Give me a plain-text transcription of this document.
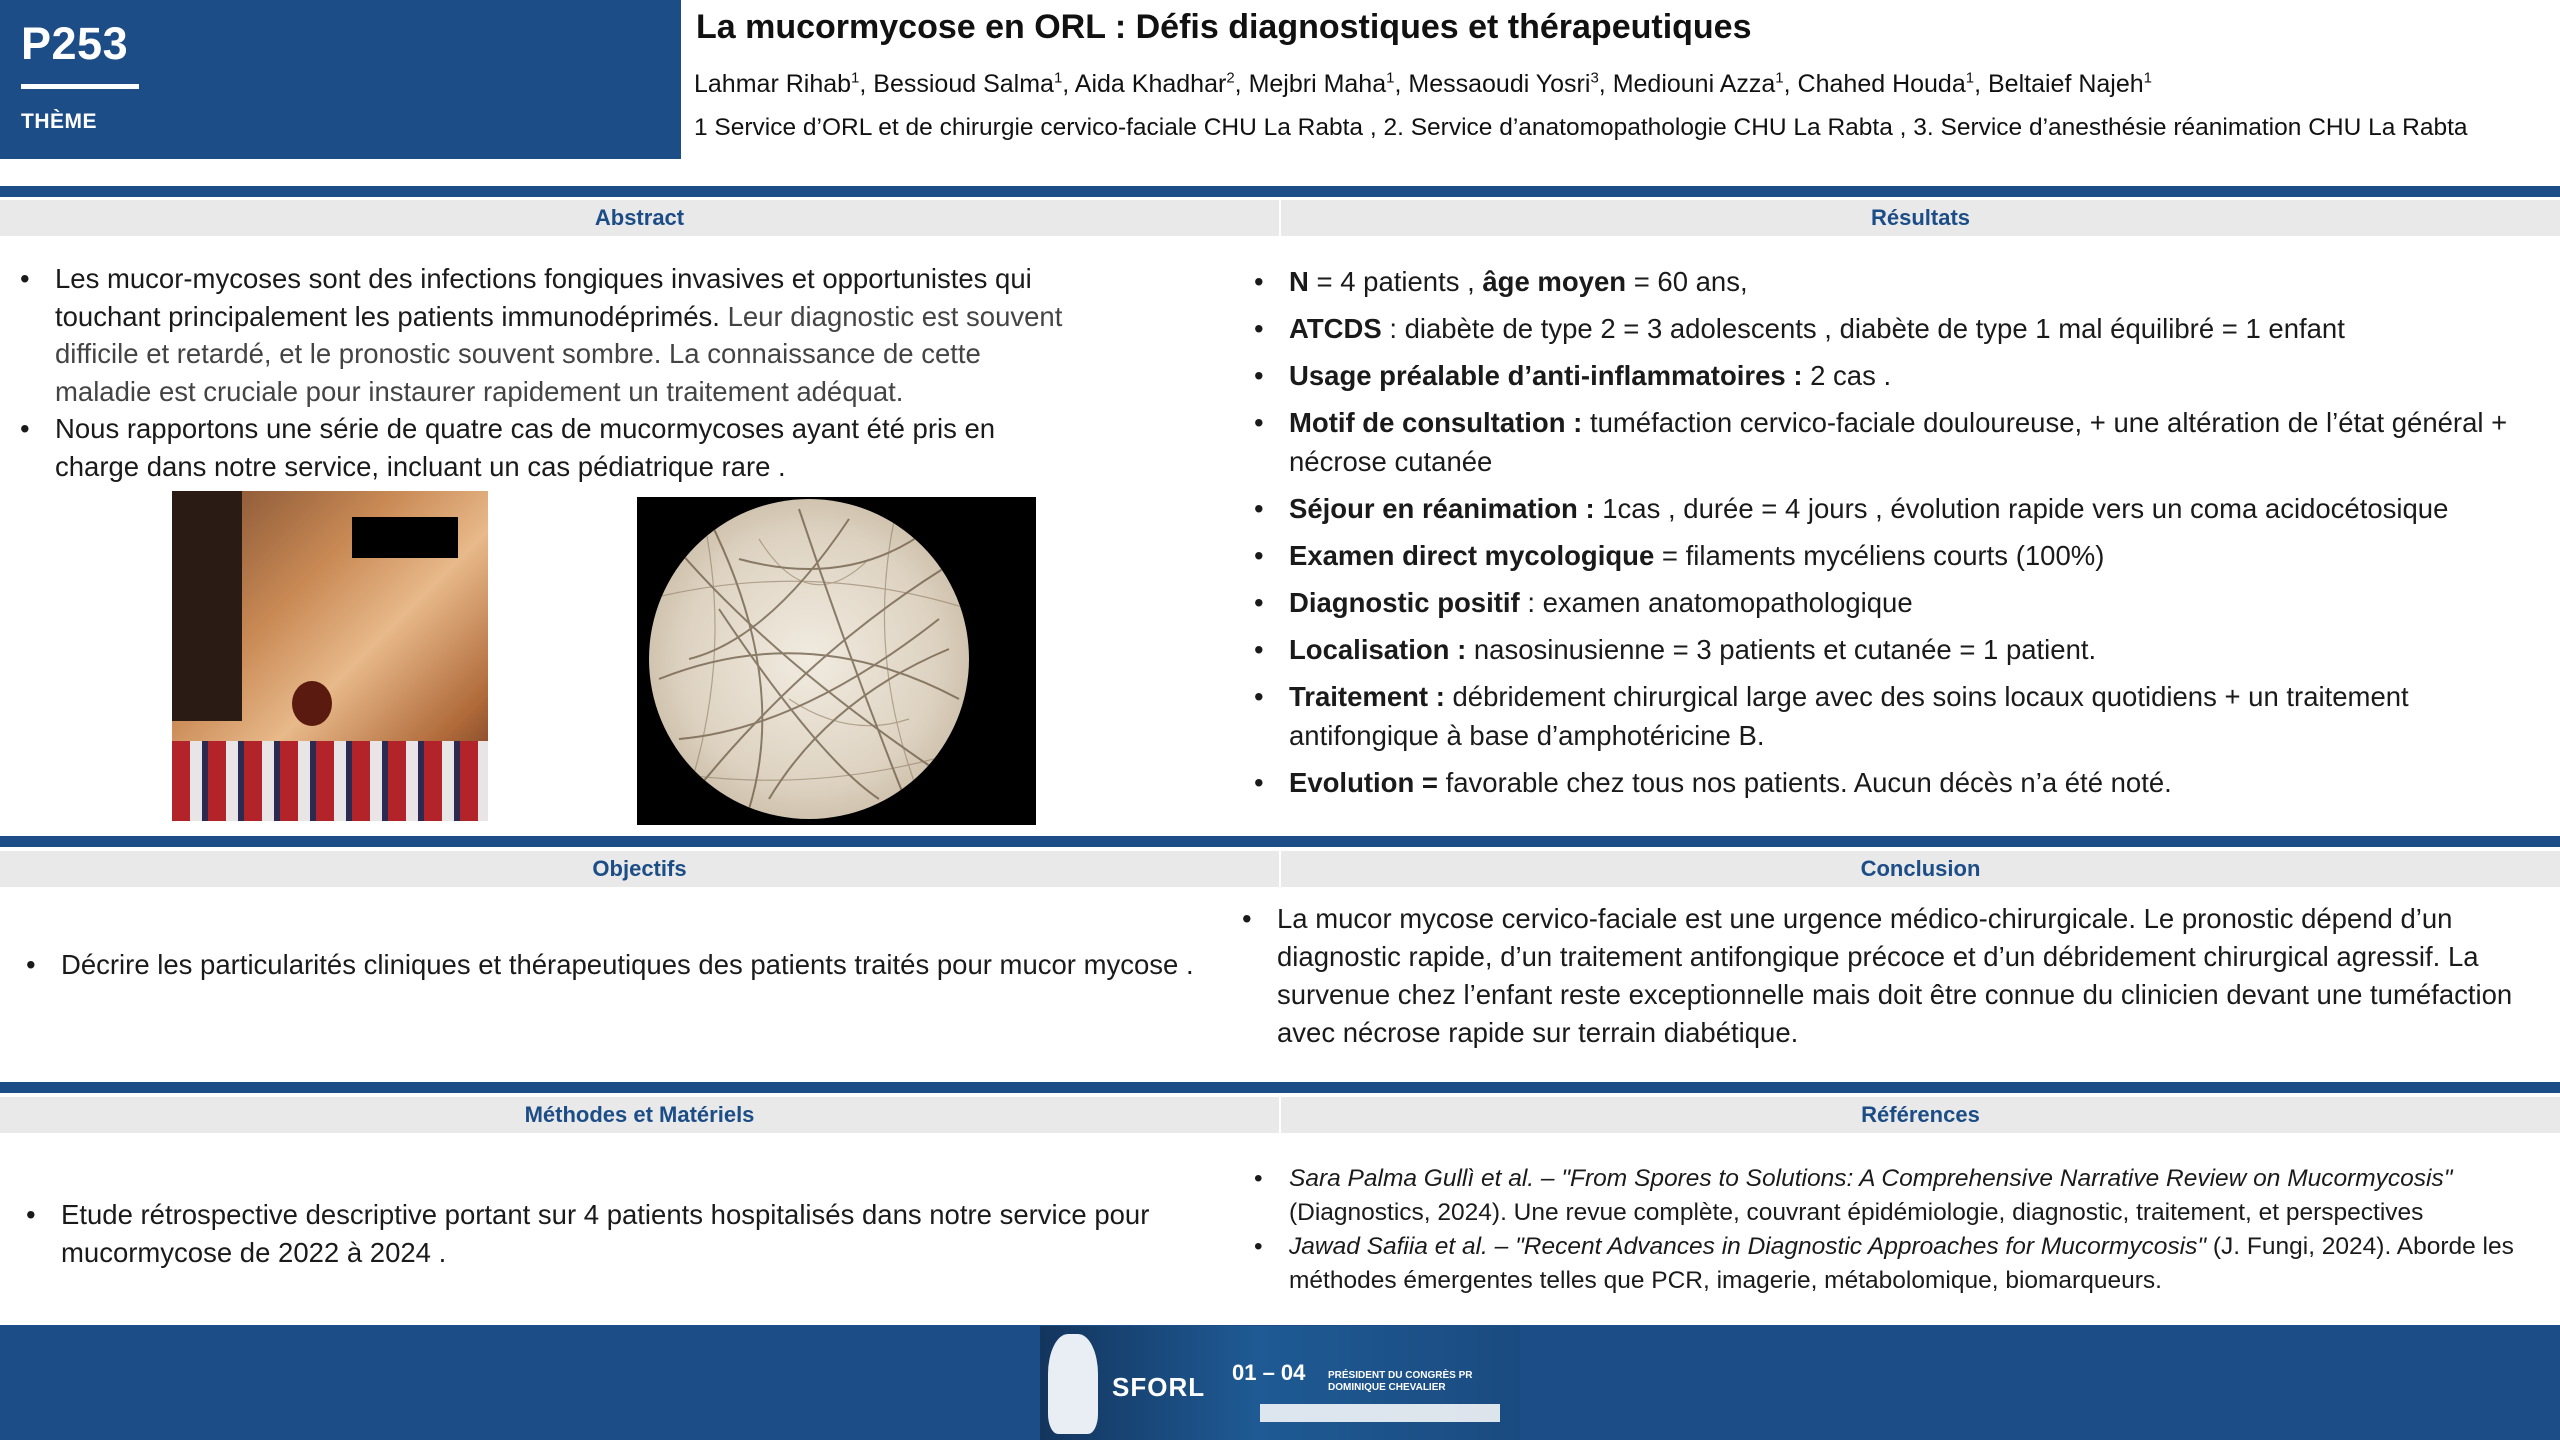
P253
THÈME
La mucormycose en ORL : Défis diagnostiques et thérapeutiques
Lahmar Rihab$^1$, Bessioud Salma$^1$, Aida Khadhar$^2$, Mejbri Maha$^1$, Messaoudi Yosri$^3$, Mediouni Azza$^1$, Chahed Houda$^1$, Beltaief Najeh$^1$
1 Service d’ORL et de chirurgie cervico-faciale CHU La Rabta , 2. Service d’anatomopathologie CHU La Rabta , 3. Service d’anesthésie réanimation CHU La Rabta
Abstract	Résultats
• Les mucor-mycoses sont des infections fongiques invasives et opportunistes qui touchant principalement les patients immunodéprimés. Leur diagnostic est souvent difficile et retardé, et le pronostic souvent sombre. La connaissance de cette maladie est cruciale pour instaurer rapidement un traitement adéquat.
• Nous rapportons une série de quatre cas de mucormycoses ayant été pris en charge dans notre service, incluant un cas pédiatrique rare .
• N = 4 patients , âge moyen = 60 ans,
• ATCDS : diabète de type 2 = 3 adolescents , diabète de type 1 mal équilibré = 1 enfant
• Usage préalable d’anti-inflammatoires : 2 cas .
• Motif de consultation : tuméfaction cervico-faciale douloureuse, + une altération de l’état général + nécrose cutanée
• Séjour en réanimation : 1cas , durée = 4 jours , évolution rapide vers un coma acidocétosique
• Examen direct mycologique = filaments mycéliens courts (100%)
• Diagnostic positif : examen anatomopathologique
• Localisation : nasosinusienne = 3 patients et cutanée = 1 patient.
• Traitement : débridement chirurgical large avec des soins locaux quotidiens + un traitement antifongique à base d’amphotéricine B.
• Evolution = favorable chez tous nos patients. Aucun décès n’a été noté.
Objectifs	Conclusion
• Décrire les particularités cliniques et thérapeutiques des patients traités pour mucor mycose .
• La mucor mycose cervico-faciale est une urgence médico-chirurgicale. Le pronostic dépend d’un diagnostic rapide, d’un traitement antifongique précoce et d’un débridement chirurgical agressif. La survenue chez l’enfant reste exceptionnelle mais doit être connue du clinicien devant une tuméfaction avec nécrose rapide sur terrain diabétique.
Méthodes et Matériels	Références
• Etude rétrospective descriptive portant sur 4 patients hospitalisés dans notre service pour mucormycose de 2022 à 2024 .
• Sara Palma Gullì et al. – "From Spores to Solutions: A Comprehensive Narrative Review on Mucormycosis" (Diagnostics, 2024). Une revue complète, couvrant épidémiologie, diagnostic, traitement, et perspectives
• Jawad Safiia et al. – "Recent Advances in Diagnostic Approaches for Mucormycosis" (J. Fungi, 2024). Aborde les méthodes émergentes telles que PCR, imagerie, métabolomique, biomarqueurs.
SFORL 01 – 04 PRÉSIDENT DU CONGRÈS PR DOMINIQUE CHEVALIER
